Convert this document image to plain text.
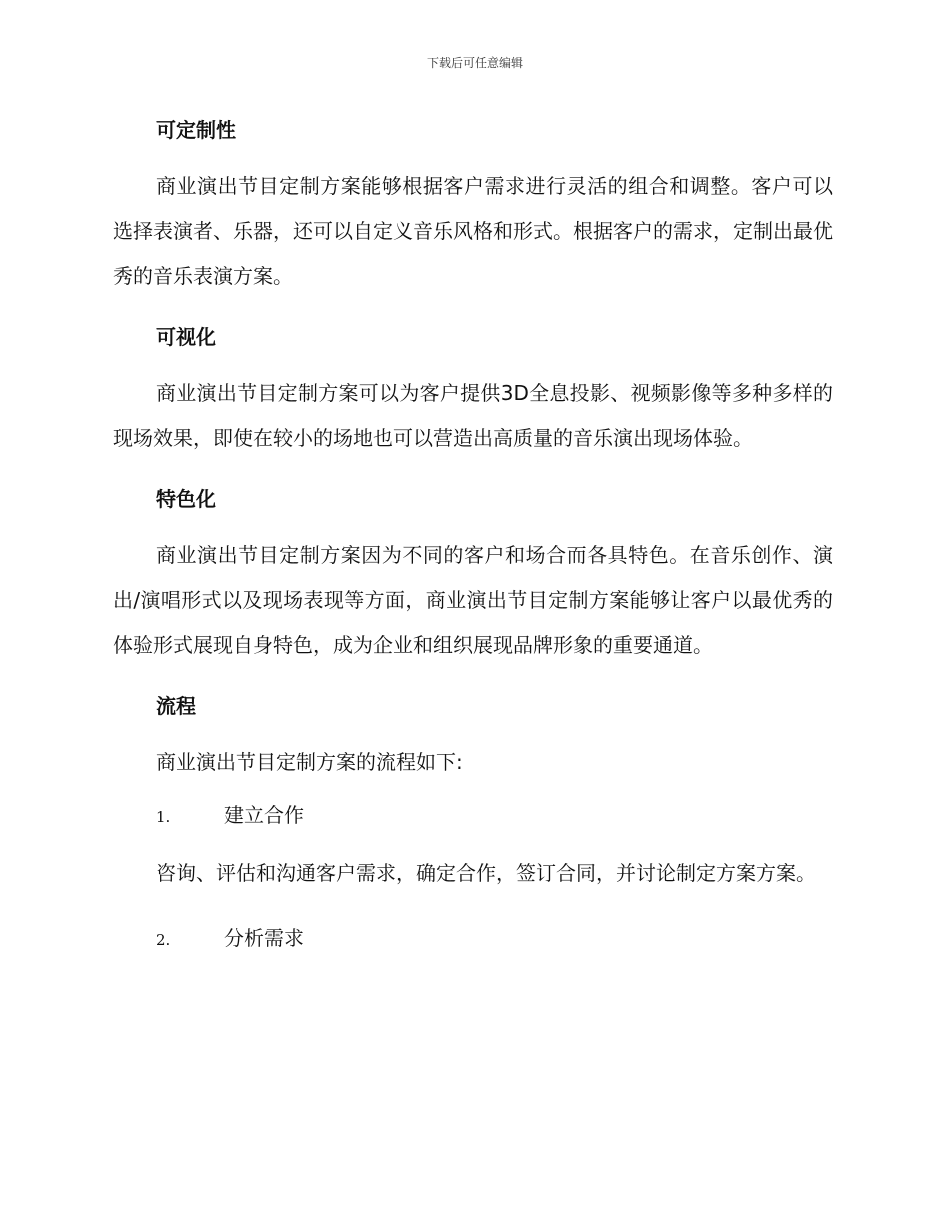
下载后可任意编辑
可定制性

商业演出节目定制方案能够根据客户需求进行灵活的组合和调整。客户可以选择表演者、乐器，还可以自定义音乐风格和形式。根据客户的需求，定制出最优秀的音乐表演方案。

可视化

商业演出节目定制方案可以为客户提供3D全息投影、视频影像等多种多样的现场效果，即使在较小的场地也可以营造出高质量的音乐演出现场体验。

特色化

商业演出节目定制方案因为不同的客户和场合而各具特色。在音乐创作、演出/演唱形式以及现场表现等方面，商业演出节目定制方案能够让客户以最优秀的体验形式展现自身特色，成为企业和组织展现品牌形象的重要通道。

流程

商业演出节目定制方案的流程如下:

1.	建立合作

咨询、评估和沟通客户需求，确定合作，签订合同，并讨论制定方案方案。

2.	分析需求
